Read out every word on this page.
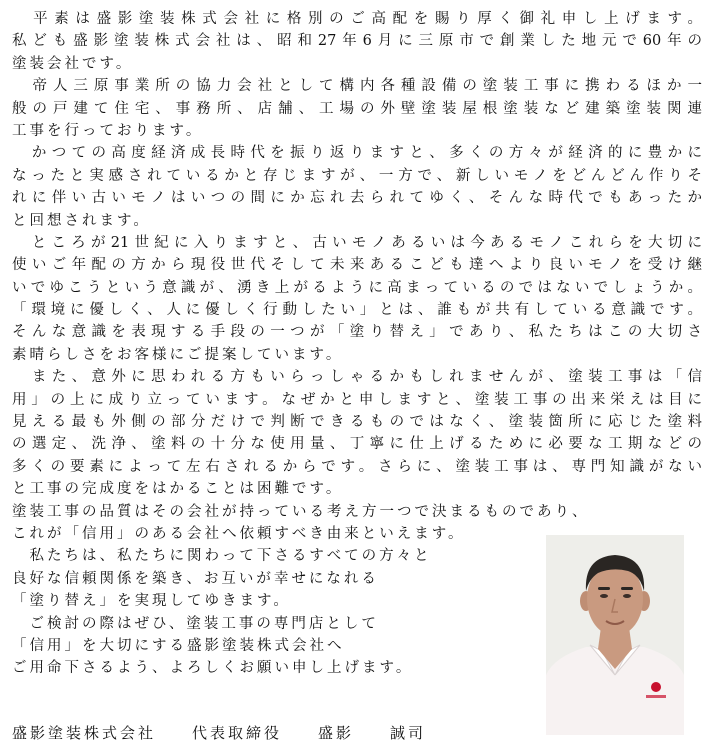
　平素は盛影塗装株式会社に格別のご高配を賜り厚く御礼申し上げます。
私ども盛影塗装株式会社は、昭和27年6月に三原市で創業した地元で60年の
塗装会社です。
　帝人三原事業所の協力会社として構内各種設備の塗装工事に携わるほか一
般の戸建て住宅、事務所、店舗、工場の外壁塗装屋根塗装など建築塗装関連
工事を行っております。
　かつての高度経済成長時代を振り返りますと、多くの方々が経済的に豊かに
なったと実感されているかと存じますが、一方で、新しいモノをどんどん作りそ
れに伴い古いモノはいつの間にか忘れ去られてゆく、そんな時代でもあったか
と回想されます。
　ところが21世紀に入りますと、古いモノあるいは今あるモノこれらを大切に
使いご年配の方から現役世代そして未来あるこども達へより良いモノを受け継
いでゆこうという意識が、湧き上がるように高まっているのではないでしょうか。
「環境に優しく、人に優しく行動したい」とは、誰もが共有している意識です。
そんな意識を表現する手段の一つが「塗り替え」であり、私たちはこの大切さ
素晴らしさをお客様にご提案しています。
　また、意外に思われる方もいらっしゃるかもしれませんが、塗装工事は「信
用」の上に成り立っています。なぜかと申しますと、塗装工事の出来栄えは目に
見える最も外側の部分だけで判断できるものではなく、塗装箇所に応じた塗料
の選定、洗浄、塗料の十分な使用量、丁寧に仕上げるために必要な工期などの
多くの要素によって左右されるからです。さらに、塗装工事は、専門知識がない
と工事の完成度をはかることは困難です。
塗装工事の品質はその会社が持っている考え方一つで決まるものであり、
これが「信用」のある会社へ依頼すべき由来といえます。
　私たちは、私たちに関わって下さるすべての方々と
良好な信頼関係を築き、お互いが幸せになれる
「塗り替え」を実現してゆきます。
　ご検討の際はぜひ、塗装工事の専門店として
「信用」を大切にする盛影塗装株式会社へ
ご用命下さるよう、よろしくお願い申し上げます。
盛影塗装株式会社　　代表取締役　　盛影　　誠司
